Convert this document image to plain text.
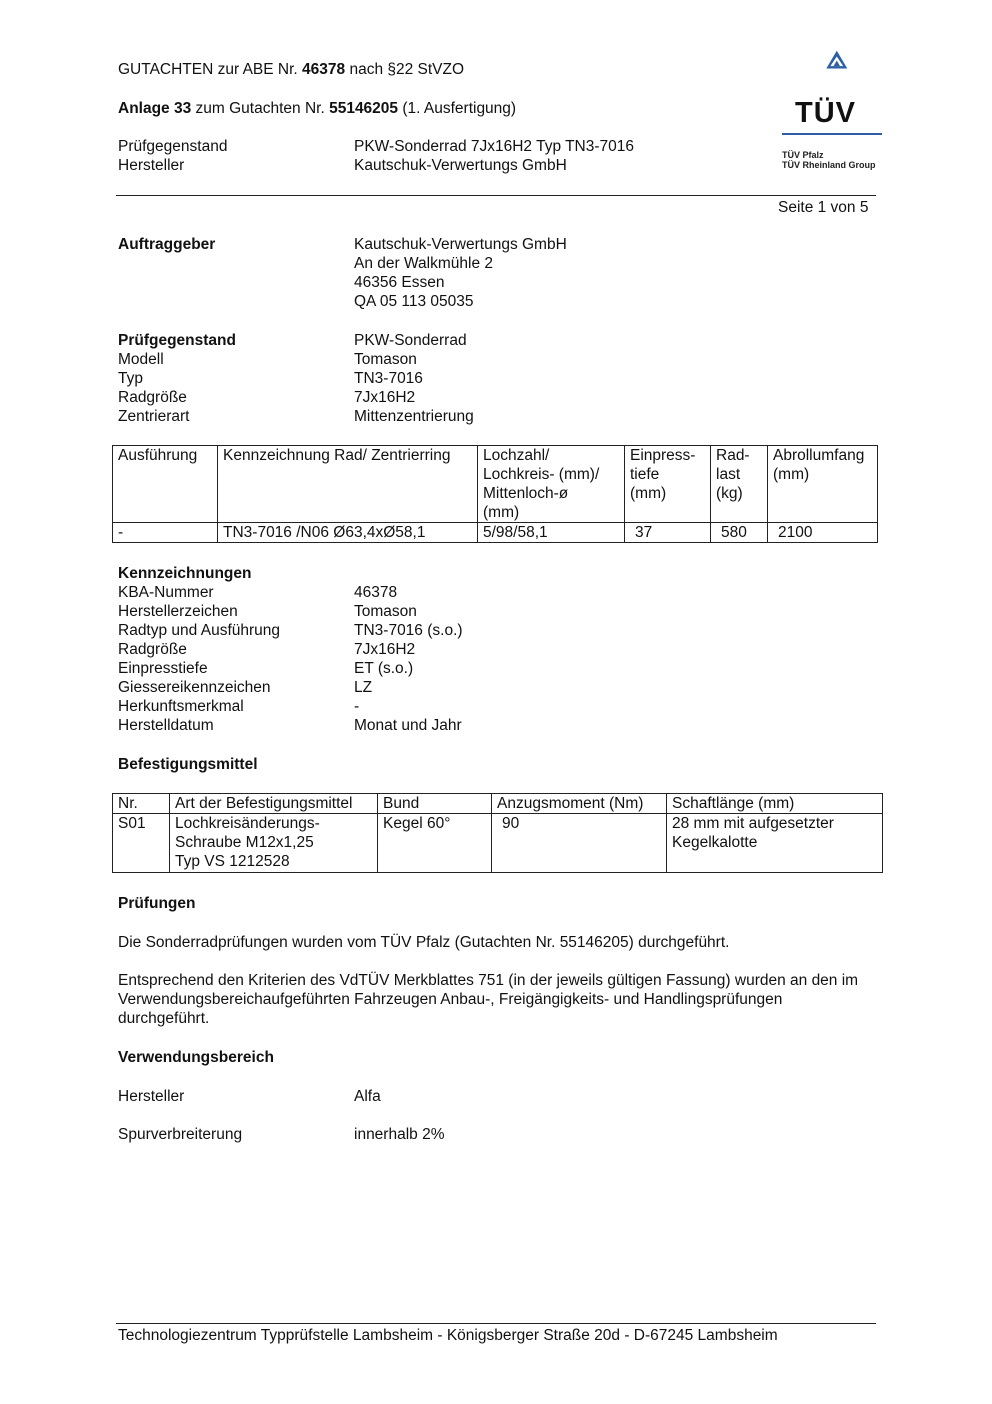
GUTACHTEN zur ABE Nr. 46378 nach §22 StVZO
Anlage 33 zum Gutachten Nr. 55146205 (1. Ausfertigung)
Prüfgegenstand	PKW-Sonderrad 7Jx16H2 Typ TN3-7016
Hersteller	Kautschuk-Verwertungs GmbH
TÜV
TÜV Pfalz
TÜV Rheinland Group
Seite 1 von 5
Auftraggeber	Kautschuk-Verwertungs GmbH
An der Walkmühle 2
46356 Essen
QA 05 113 05035
Prüfgegenstand	PKW-Sonderrad
Modell	Tomason
Typ	TN3-7016
Radgröße	7Jx16H2
Zentrierart	Mittenzentrierung
Ausführung	Kennzeichnung Rad/ Zentrierring	Lochzahl/
Lochkreis- (mm)/
Mittenloch-ø
(mm)	Einpress-
tiefe
(mm)	Rad-
last
(kg)	Abrollumfang
(mm)
-	TN3-7016 /N06 Ø63,4xØ58,1	5/98/58,1	37	580	2100
Kennzeichnungen
KBA-Nummer	46378
Herstellerzeichen	Tomason
Radtyp und Ausführung	TN3-7016 (s.o.)
Radgröße	7Jx16H2
Einpresstiefe	ET (s.o.)
Giessereikennzeichen	LZ
Herkunftsmerkmal	-
Herstelldatum	Monat und Jahr
Befestigungsmittel
Nr.	Art der Befestigungsmittel	Bund	Anzugsmoment (Nm)	Schaftlänge (mm)
S01	Lochkreisänderungs-
Schraube M12x1,25
Typ VS 1212528	Kegel 60°	90	28 mm mit aufgesetzter
Kegelkalotte
Prüfungen
Die Sonderradprüfungen wurden vom TÜV Pfalz (Gutachten Nr. 55146205) durchgeführt.
Entsprechend den Kriterien des VdTÜV Merkblattes 751 (in der jeweils gültigen Fassung) wurden an den im Verwendungsbereichaufgeführten Fahrzeugen Anbau-, Freigängigkeits- und Handlingsprüfungen durchgeführt.
Verwendungsbereich
Hersteller	Alfa
Spurverbreiterung	innerhalb 2%
Technologiezentrum Typprüfstelle Lambsheim - Königsberger Straße 20d - D-67245 Lambsheim
